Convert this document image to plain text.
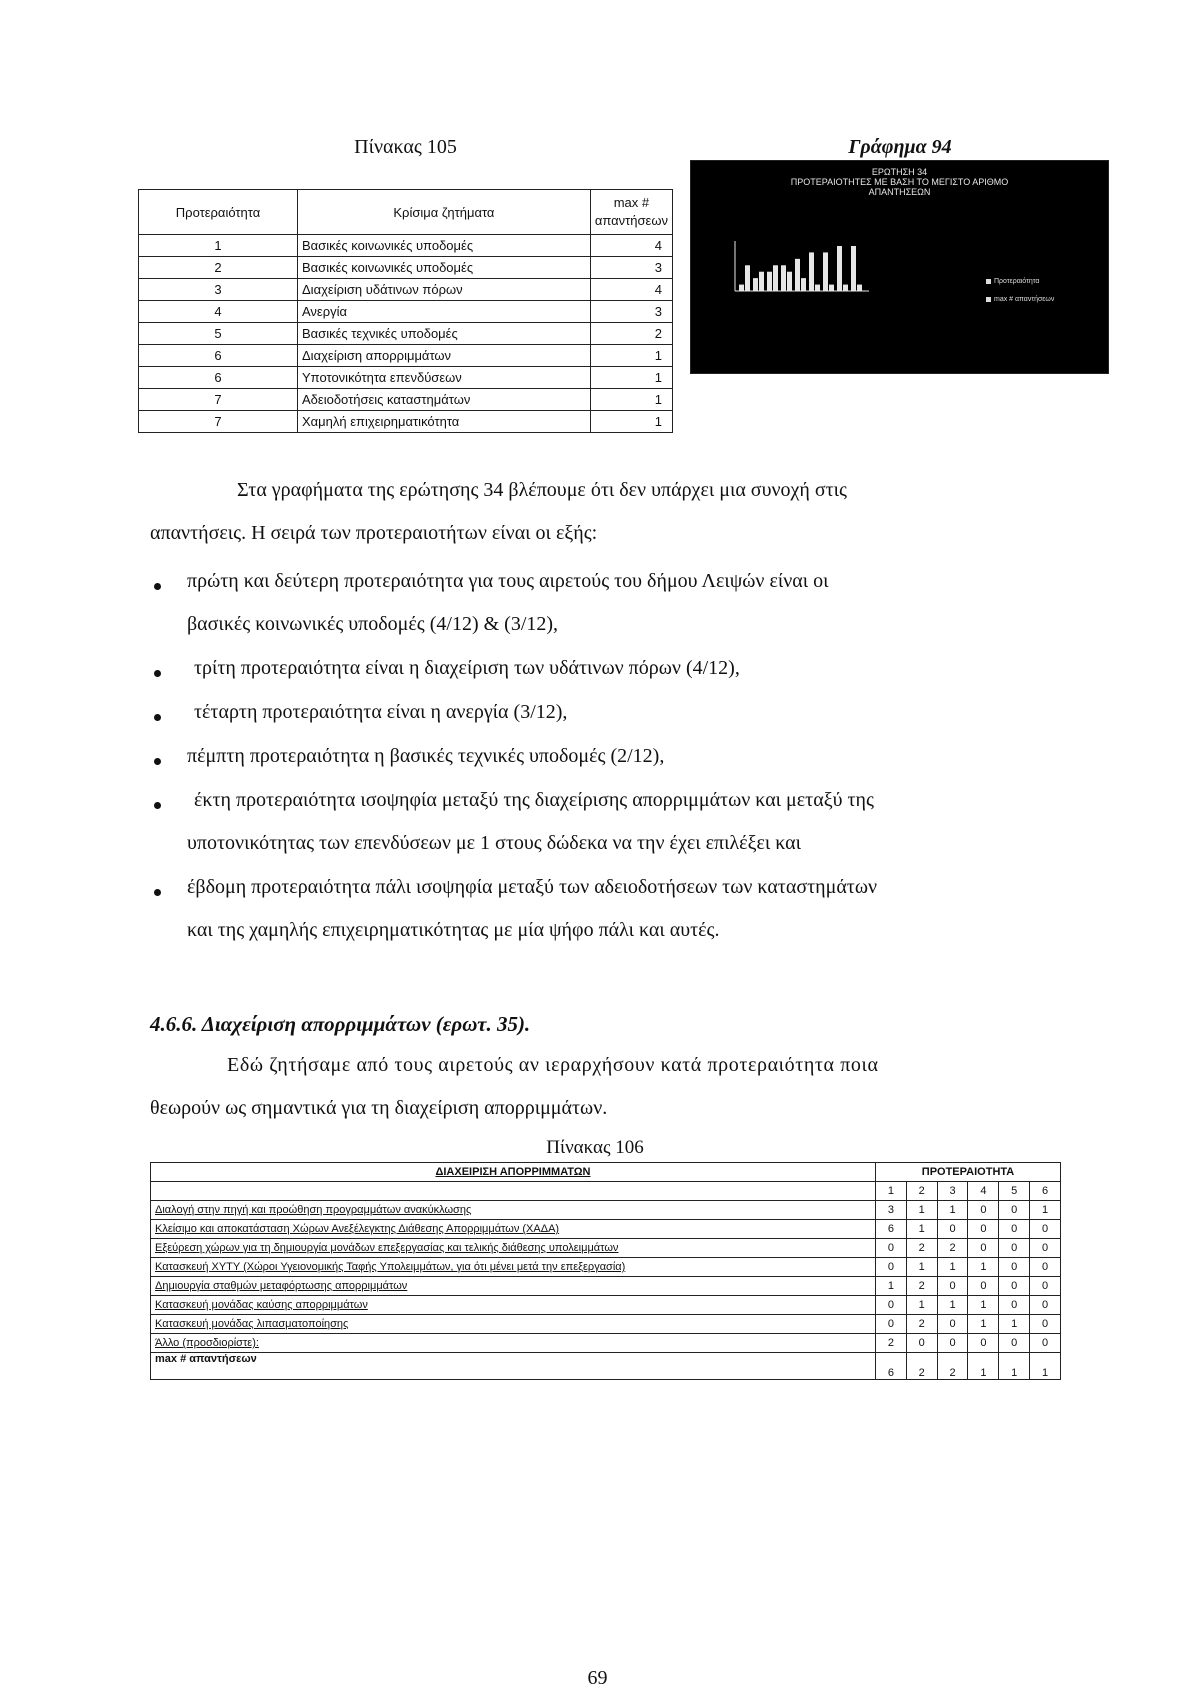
Πίνακας 105
Προτεραιότητα	Κρίσιμα ζητήματα	max #
απαντήσεων
1	Βασικές κοινωνικές υποδομές	4
2	Βασικές κοινωνικές υποδομές	3
3	Διαχείριση υδάτινων πόρων	4
4	Ανεργία	3
5	Βασικές τεχνικές υποδομές	2
6	Διαχείριση απορριμμάτων	1
6	Υποτονικότητα επενδύσεων	1
7	Αδειοδοτήσεις καταστημάτων	1
7	Χαμηλή επιχειρηματικότητα	1
Γράφημα 94
ΕΡΩΤΗΣΗ 34
ΠΡΟΤΕΡΑΙΟΤΗΤΕΣ ΜΕ ΒΑΣΗ ΤΟ ΜΕΓΙΣΤΟ ΑΡΙΘΜΟ
ΑΠΑΝΤΗΣΕΩΝ
Προτεραιότητα
max # απαντήσεων
Στα γραφήματα της ερώτησης 34 βλέπουμε ότι δεν υπάρχει μια συνοχή στις
απαντήσεις. Η σειρά των προτεραιοτήτων είναι οι εξής:
πρώτη και δεύτερη προτεραιότητα για τους αιρετούς του δήμου Λειψών είναι οι
βασικές κοινωνικές υποδομές (4/12) & (3/12),
τρίτη προτεραιότητα είναι η διαχείριση των υδάτινων πόρων (4/12),
τέταρτη προτεραιότητα είναι η ανεργία (3/12),
πέμπτη προτεραιότητα η βασικές τεχνικές υποδομές (2/12),
έκτη προτεραιότητα ισοψηφία μεταξύ της διαχείρισης απορριμμάτων και μεταξύ της
υποτονικότητας των επενδύσεων με 1 στους δώδεκα να την έχει επιλέξει και
έβδομη προτεραιότητα πάλι ισοψηφία μεταξύ των αδειοδοτήσεων των καταστημάτων
και της χαμηλής επιχειρηματικότητας με μία ψήφο πάλι και αυτές.
4.6.6. Διαχείριση απορριμμάτων (ερωτ. 35).
Εδώ ζητήσαμε από τους αιρετούς αν ιεραρχήσουν κατά προτεραιότητα ποια
θεωρούν ως σημαντικά για τη διαχείριση απορριμμάτων.
Πίνακας 106
ΔΙΑΧΕΙΡΙΣΗ ΑΠΟΡΡΙΜΜΑΤΩΝ	ΠΡΟΤΕΡΑΙΟΤΗΤΑ					
	1	2	3	4	5	6
Διαλογή στην πηγή και προώθηση προγραμμάτων ανακύκλωσης	3	1	1	0	0	1
Κλείσιμο και αποκατάσταση Χώρων Ανεξέλεγκτης Διάθεσης Απορριμμάτων (ΧΑΔΑ)	6	1	0	0	0	0
Εξεύρεση χώρων για τη δημιουργία μονάδων επεξεργασίας και τελικής διάθεσης υπολειμμάτων	0	2	2	0	0	0
Κατασκευή ΧΥΤΥ (Χώροι Υγειονομικής Ταφής Υπολειμμάτων, για ότι μένει μετά την επεξεργασία)	0	1	1	1	0	0
Δημιουργία σταθμών μεταφόρτωσης απορριμμάτων	1	2	0	0	0	0
Κατασκευή μονάδας καύσης απορριμμάτων	0	1	1	1	0	0
Κατασκευή μονάδας λιπασματοποίησης	0	2	0	1	1	0
Άλλο (προσδιορίστε):	2	0	0	0	0	0
max # απαντήσεων	6	2	2	1	1	1
69
